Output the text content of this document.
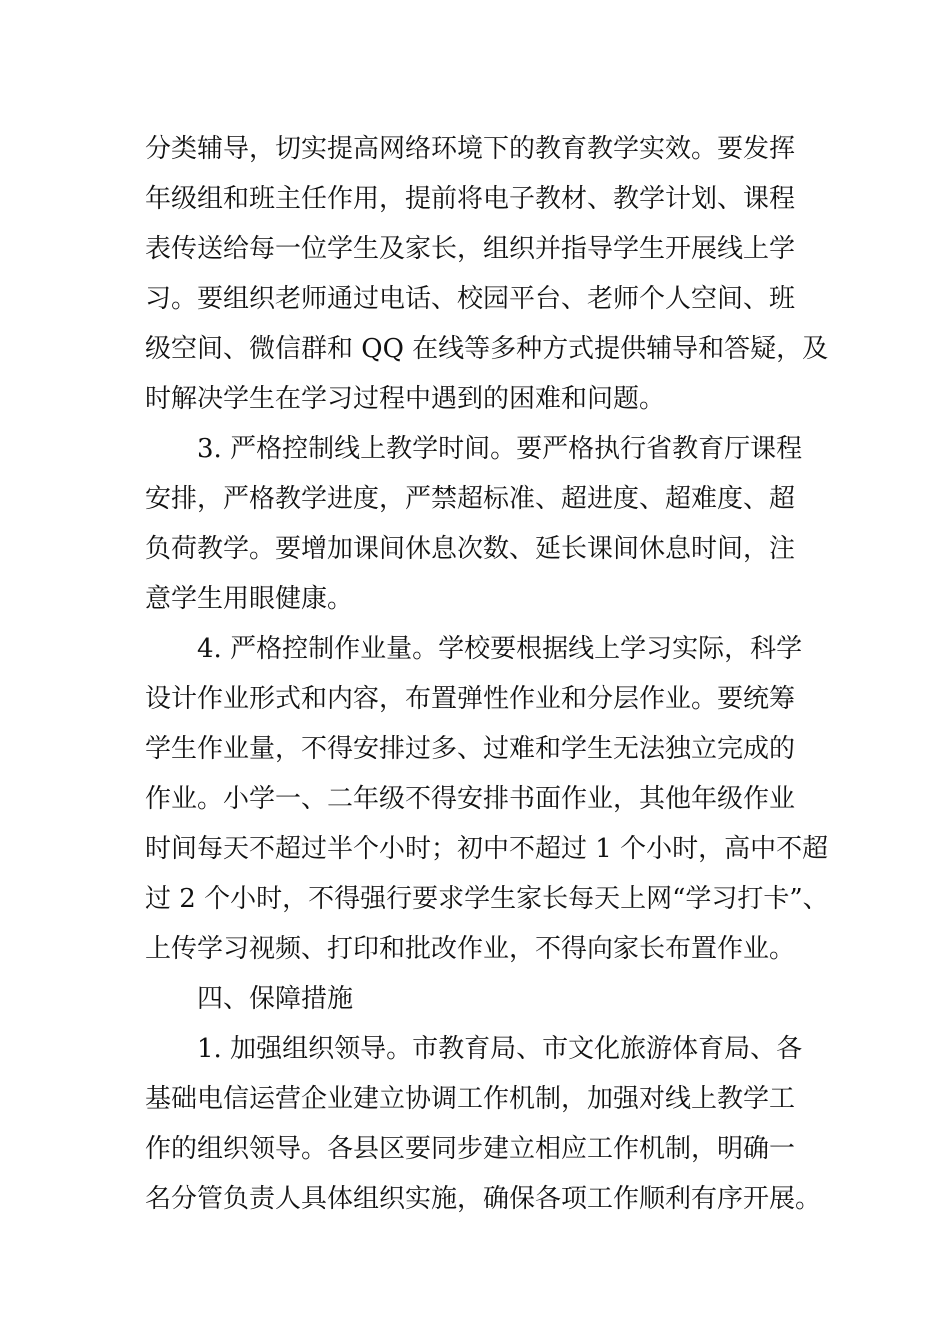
分类辅导，切实提高网络环境下的教育教学实效。要发挥
年级组和班主任作用，提前将电子教材、教学计划、课程
表传送给每一位学生及家长，组织并指导学生开展线上学
习。要组织老师通过电话、校园平台、老师个人空间、班
级空间、微信群和 QQ 在线等多种方式提供辅导和答疑，及
时解决学生在学习过程中遇到的困难和问题。
　　3. 严格控制线上教学时间。要严格执行省教育厅课程
安排，严格教学进度，严禁超标准、超进度、超难度、超
负荷教学。要增加课间休息次数、延长课间休息时间，注
意学生用眼健康。
　　4. 严格控制作业量。学校要根据线上学习实际，科学
设计作业形式和内容，布置弹性作业和分层作业。要统筹
学生作业量，不得安排过多、过难和学生无法独立完成的
作业。小学一、二年级不得安排书面作业，其他年级作业
时间每天不超过半个小时；初中不超过 1 个小时，高中不超
过 2 个小时，不得强行要求学生家长每天上网“学习打卡”、
上传学习视频、打印和批改作业，不得向家长布置作业。
　　四、保障措施
　　1. 加强组织领导。市教育局、市文化旅游体育局、各
基础电信运营企业建立协调工作机制，加强对线上教学工
作的组织领导。各县区要同步建立相应工作机制，明确一
名分管负责人具体组织实施，确保各项工作顺利有序开展。
